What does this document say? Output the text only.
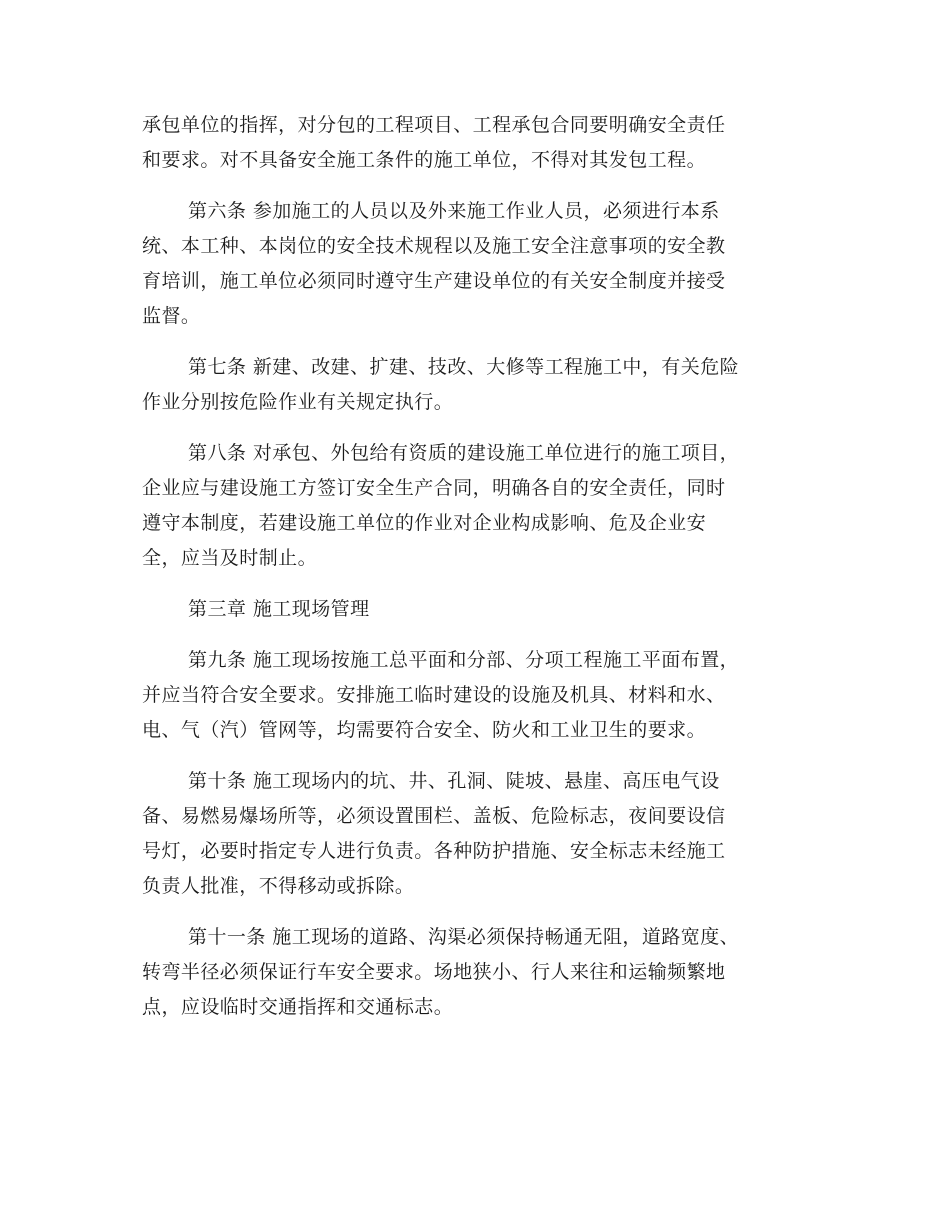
承包单位的指挥，对分包的工程项目、工程承包合同要明确安全责任
和要求。对不具备安全施工条件的施工单位，不得对其发包工程。

第六条 参加施工的人员以及外来施工作业人员，必须进行本系
统、本工种、本岗位的安全技术规程以及施工安全注意事项的安全教
育培训，施工单位必须同时遵守生产建设单位的有关安全制度并接受
监督。

第七条 新建、改建、扩建、技改、大修等工程施工中，有关危险
作业分别按危险作业有关规定执行。

第八条 对承包、外包给有资质的建设施工单位进行的施工项目，
企业应与建设施工方签订安全生产合同，明确各自的安全责任，同时
遵守本制度，若建设施工单位的作业对企业构成影响、危及企业安
全，应当及时制止。

第三章 施工现场管理

第九条 施工现场按施工总平面和分部、分项工程施工平面布置，
并应当符合安全要求。安排施工临时建设的设施及机具、材料和水、
电、气（汽）管网等，均需要符合安全、防火和工业卫生的要求。

第十条 施工现场内的坑、井、孔洞、陡坡、悬崖、高压电气设
备、易燃易爆场所等，必须设置围栏、盖板、危险标志，夜间要设信
号灯，必要时指定专人进行负责。各种防护措施、安全标志未经施工
负责人批准，不得移动或拆除。

第十一条 施工现场的道路、沟渠必须保持畅通无阻，道路宽度、
转弯半径必须保证行车安全要求。场地狭小、行人来往和运输频繁地
点，应设临时交通指挥和交通标志。
